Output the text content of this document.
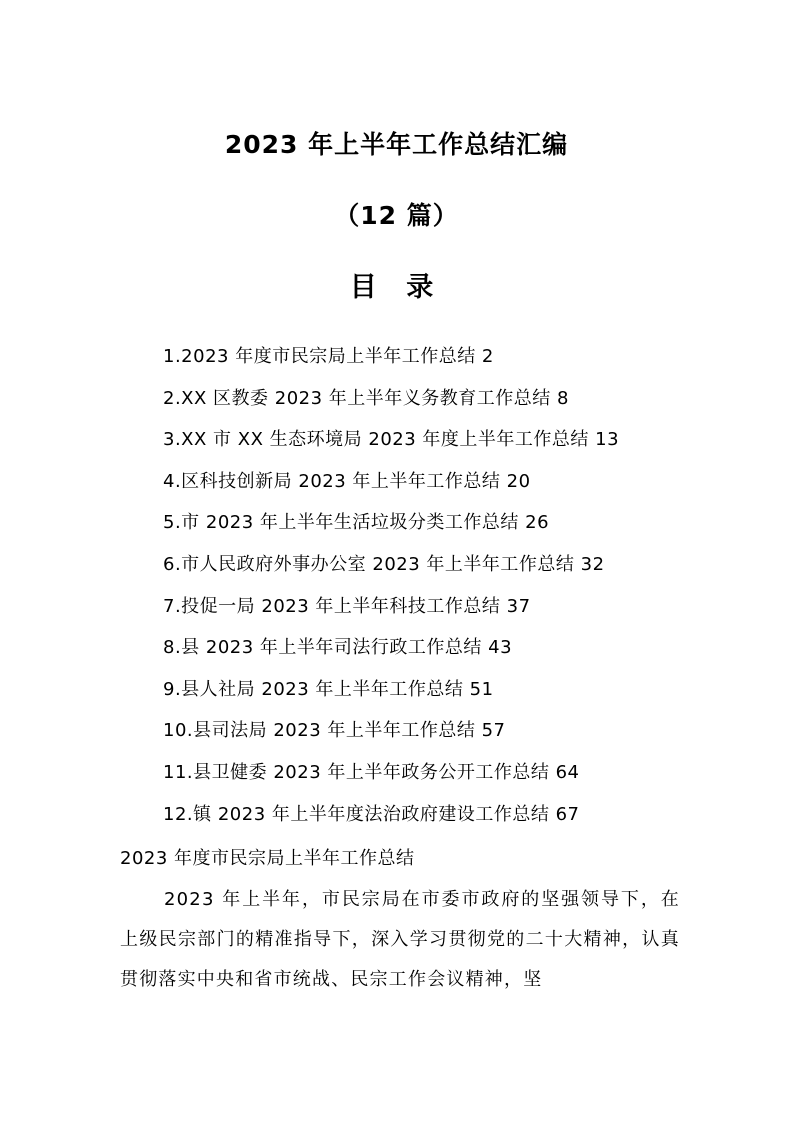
2023 年上半年工作总结汇编
（12 篇）
目 录
1.2023 年度市民宗局上半年工作总结 2
2.XX 区教委 2023 年上半年义务教育工作总结 8
3.XX 市 XX 生态环境局 2023 年度上半年工作总结 13
4.区科技创新局 2023 年上半年工作总结 20
5.市 2023 年上半年生活垃圾分类工作总结 26
6.市人民政府外事办公室 2023 年上半年工作总结 32
7.投促一局 2023 年上半年科技工作总结 37
8.县 2023 年上半年司法行政工作总结 43
9.县人社局 2023 年上半年工作总结 51
10.县司法局 2023 年上半年工作总结 57
11.县卫健委 2023 年上半年政务公开工作总结 64
12.镇 2023 年上半年度法治政府建设工作总结 67
2023 年度市民宗局上半年工作总结

2023 年上半年，市民宗局在市委市政府的坚强领导下，在上级民宗部门的精准指导下，深入学习贯彻党的二十大精神，认真贯彻落实中央和省市统战、民宗工作会议精神，坚
